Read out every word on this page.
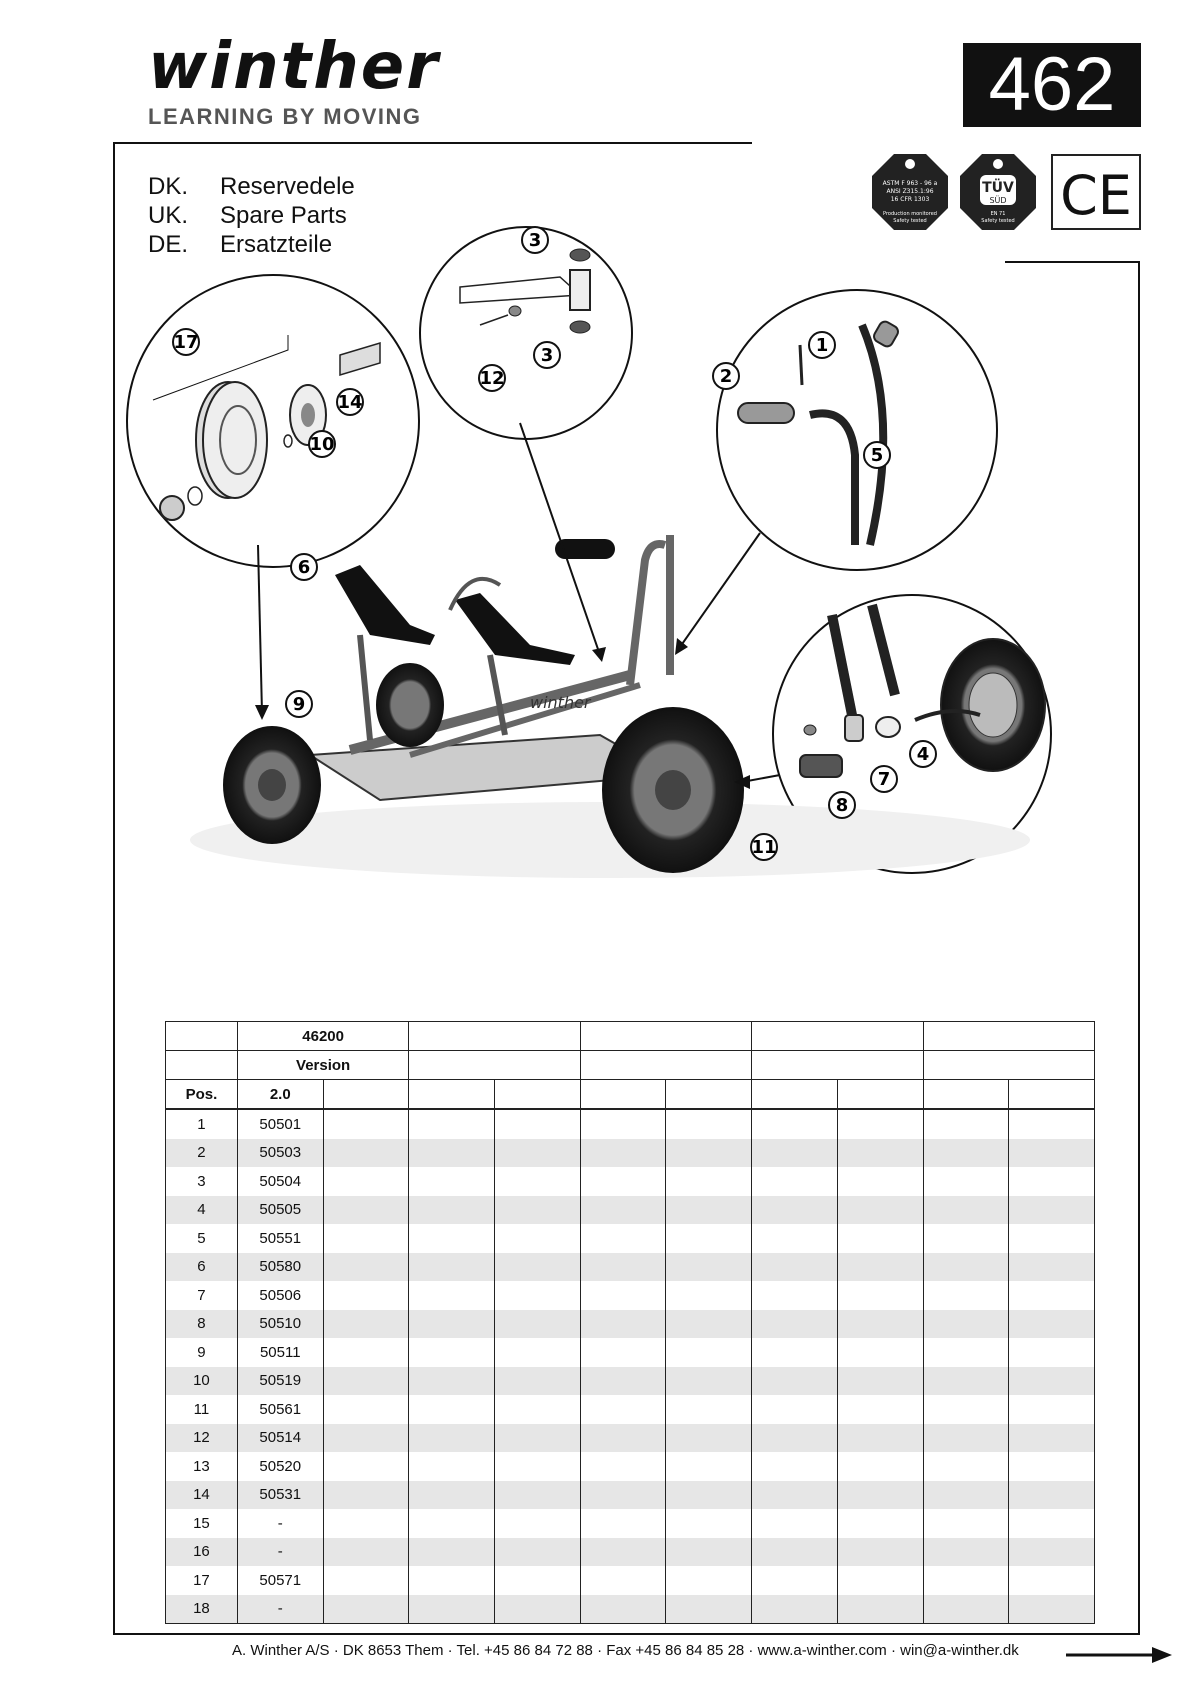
winther
LEARNING BY MOVING	462
DK.	Reservedele
UK.	Spare Parts
DE.	Ersatzteile
ASTM F 963 - 96 a
ANSI Z315.1:96
16 CFR 1303
Production monitored
Safety tested
TÜV
SÜD
EN 71
Safety tested CE
winther
17
14
10
3
3
12
1
2
5
6
9
4
7
8
11
	46200									
	Version									
Pos.	2.0									
1	50501									
2	50503									
3	50504									
4	50505									
5	50551									
6	50580									
7	50506									
8	50510									
9	50511									
10	50519									
11	50561									
12	50514									
13	50520									
14	50531									
15	-									
16	-									
17	50571									
18	-									
A. Winther A/S · DK 8653 Them · Tel. +45 86 84 72 88 · Fax +45 86 84 85 28 · www.a-winther.com · win@a-winther.dk
